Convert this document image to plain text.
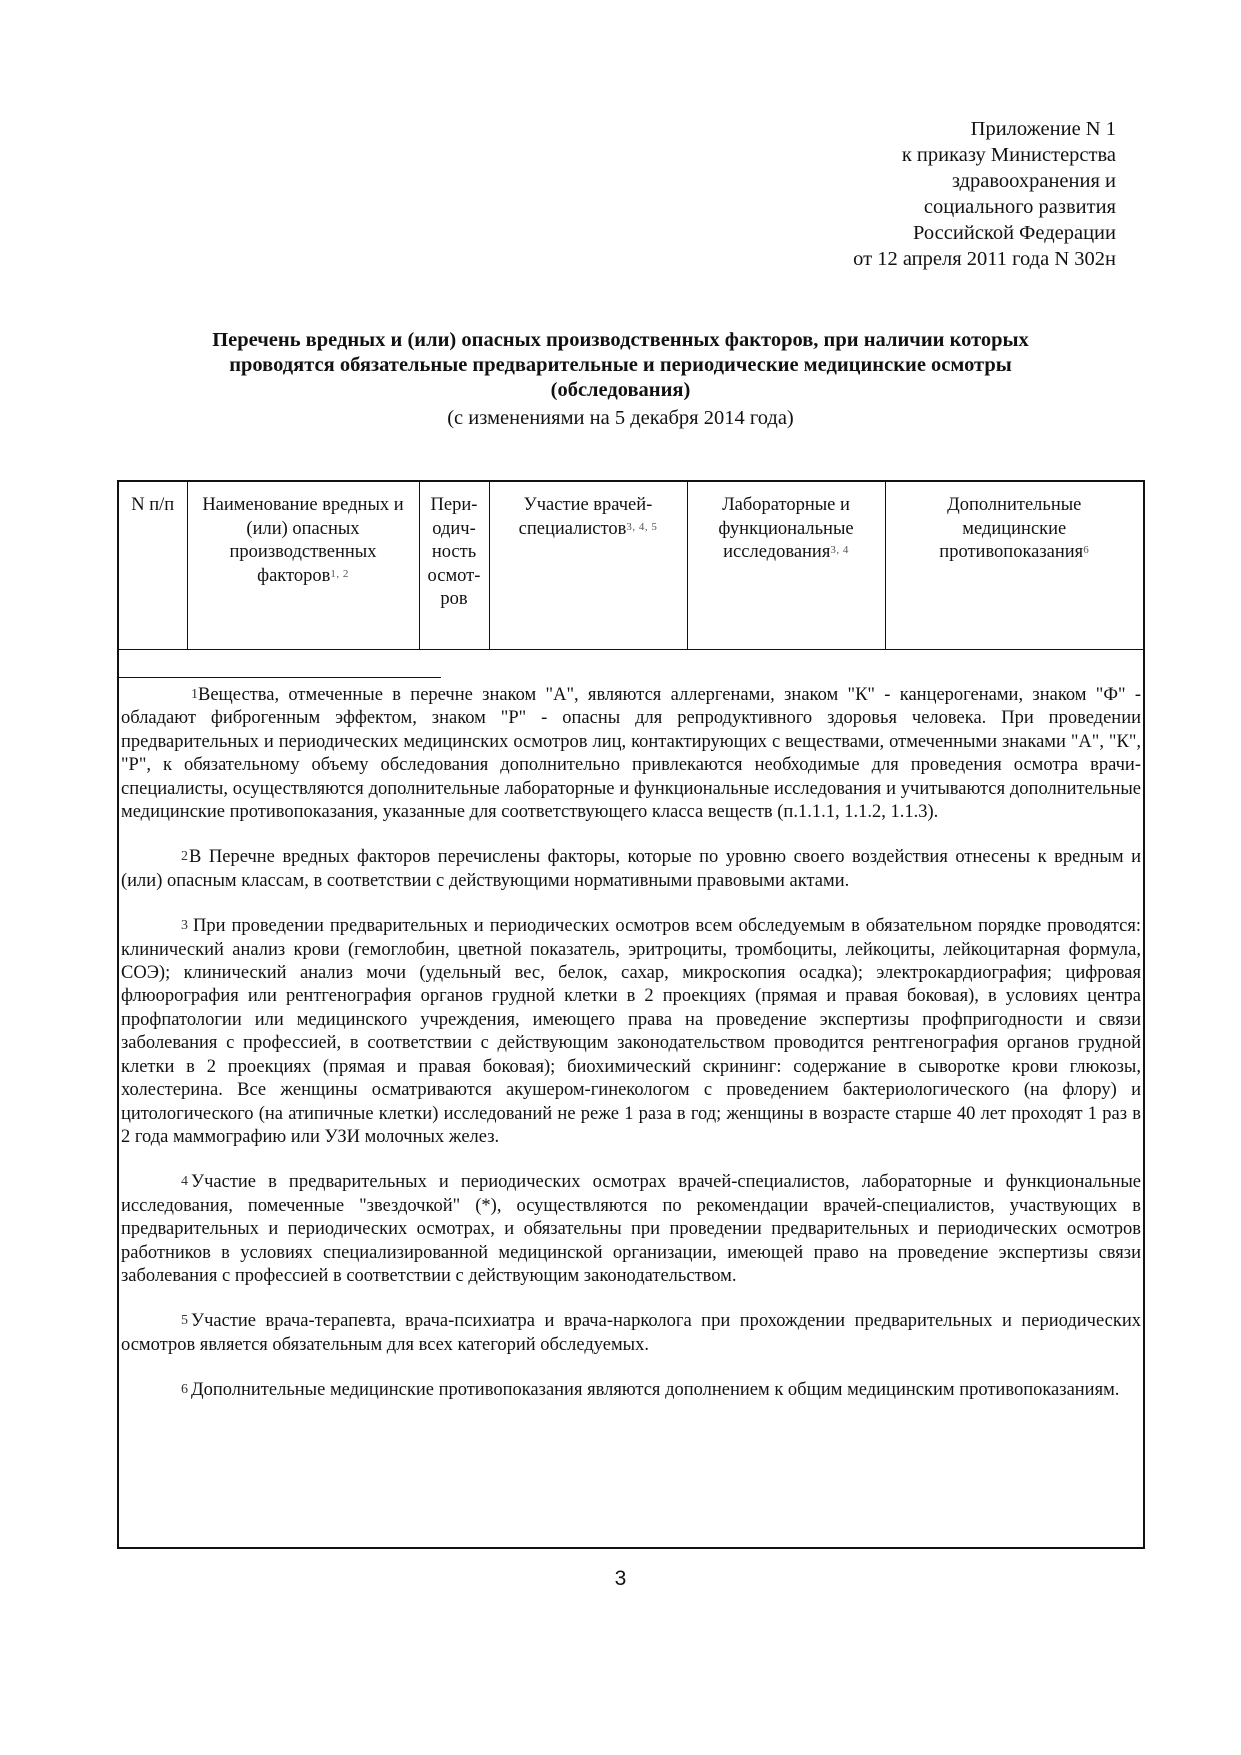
Приложение N 1
к приказу Министерства
здравоохранения и
социального развития
Российской Федерации
от 12 апреля 2011 года N 302н
Перечень вредных и (или) опасных производственных факторов, при наличии которых
проводятся обязательные предварительные и периодические медицинские осмотры
(обследования)
(с изменениями на 5 декабря 2014 года)
N п/п	Наименование вредных и (или) опасных производственных факторов$^{1, 2}$	Пери-одич-ность осмот-ров	Участие врачей-специалистов$^{3, 4, 5}$	Лабораторные и функциональные исследования$^{3, 4}$	Дополнительные медицинские противопоказания$^6$
1 Вещества, отмеченные в перечне знаком "А", являются аллергенами, знаком "К" - канцерогенами, знаком "Ф" - обладают фиброгенным эффектом, знаком "Р" - опасны для репродуктивного здоровья человека. При проведении предварительных и периодических медицинских осмотров лиц, контактирующих с веществами, отмеченными знаками "А", "К", "Р", к обязательному объему обследования дополнительно привлекаются необходимые для проведения осмотра врачи-специалисты, осуществляются дополнительные лабораторные и функциональные исследования и учитываются дополнительные медицинские противопоказания, указанные для соответствующего класса веществ (п.1.1.1, 1.1.2, 1.1.3).

2 В Перечне вредных факторов перечислены факторы, которые по уровню своего воздействия отнесены к вредным и (или) опасным классам, в соответствии с действующими нормативными правовыми актами.

3 При проведении предварительных и периодических осмотров всем обследуемым в обязательном порядке проводятся: клинический анализ крови (гемоглобин, цветной показатель, эритроциты, тромбоциты, лейкоциты, лейкоцитарная формула, СОЭ); клинический анализ мочи (удельный вес, белок, сахар, микроскопия осадка); электрокардиография; цифровая флюорография или рентгенография органов грудной клетки в 2 проекциях (прямая и правая боковая), в условиях центра профпатологии или медицинского учреждения, имеющего права на проведение экспертизы профпригодности и связи заболевания с профессией, в соответствии с действующим законодательством проводится рентгенография органов грудной клетки в 2 проекциях (прямая и правая боковая); биохимический скрининг: содержание в сыворотке крови глюкозы, холестерина. Все женщины осматриваются акушером-гинекологом с проведением бактериологического (на флору) и цитологического (на атипичные клетки) исследований не реже 1 раза в год; женщины в возрасте старше 40 лет проходят 1 раз в 2 года маммографию или УЗИ молочных желез.

4 Участие в предварительных и периодических осмотрах врачей-специалистов, лабораторные и функциональные исследования, помеченные "звездочкой" (*), осуществляются по рекомендации врачей-специалистов, участвующих в предварительных и периодических осмотрах, и обязательны при проведении предварительных и периодических осмотров работников в условиях специализированной медицинской организации, имеющей право на проведение экспертизы связи заболевания с профессией в соответствии с действующим законодательством.

5 Участие врача-терапевта, врача-психиатра и врача-нарколога при прохождении предварительных и периодических осмотров является обязательным для всех категорий обследуемых.

6 Дополнительные медицинские противопоказания являются дополнением к общим медицинским противопоказаниям.

3
